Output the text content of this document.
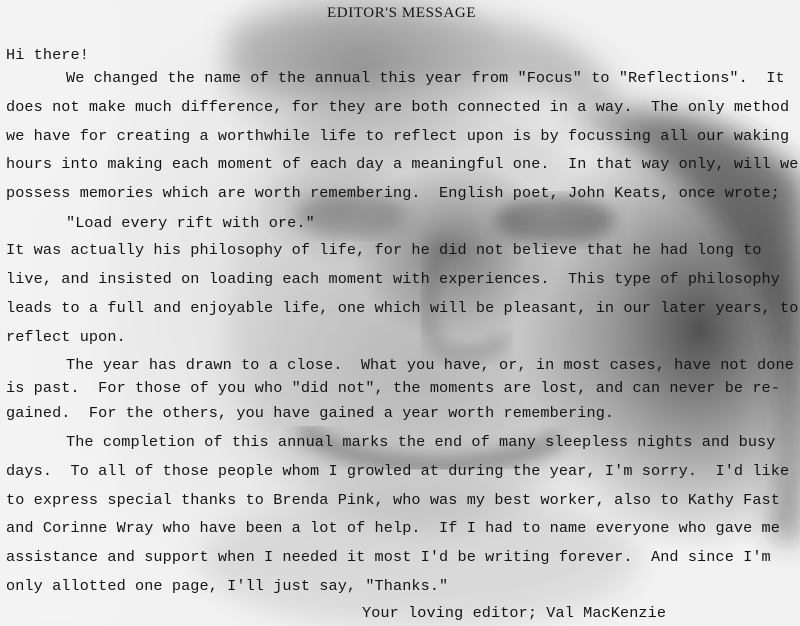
EDITOR'S MESSAGE
Hi there!
We changed the name of the annual this year from "Focus" to "Reflections".  It
does not make much difference, for they are both connected in a way.  The only method
we have for creating a worthwhile life to reflect upon is by focussing all our waking
hours into making each moment of each day a meaningful one.  In that way only, will we
possess memories which are worth remembering.  English poet, John Keats, once wrote;
"Load every rift with ore."
It was actually his philosophy of life, for he did not believe that he had long to
live, and insisted on loading each moment with experiences.  This type of philosophy
leads to a full and enjoyable life, one which will be pleasant, in our later years, to
reflect upon.
The year has drawn to a close.  What you have, or, in most cases, have not done
is past.  For those of you who "did not", the moments are lost, and can never be re-
gained.  For the others, you have gained a year worth remembering.
The completion of this annual marks the end of many sleepless nights and busy
days.  To all of those people whom I growled at during the year, I'm sorry.  I'd like
to express special thanks to Brenda Pink, who was my best worker, also to Kathy Fast
and Corinne Wray who have been a lot of help.  If I had to name everyone who gave me
assistance and support when I needed it most I'd be writing forever.  And since I'm
only allotted one page, I'll just say, "Thanks."
Your loving editor; Val MacKenzie
